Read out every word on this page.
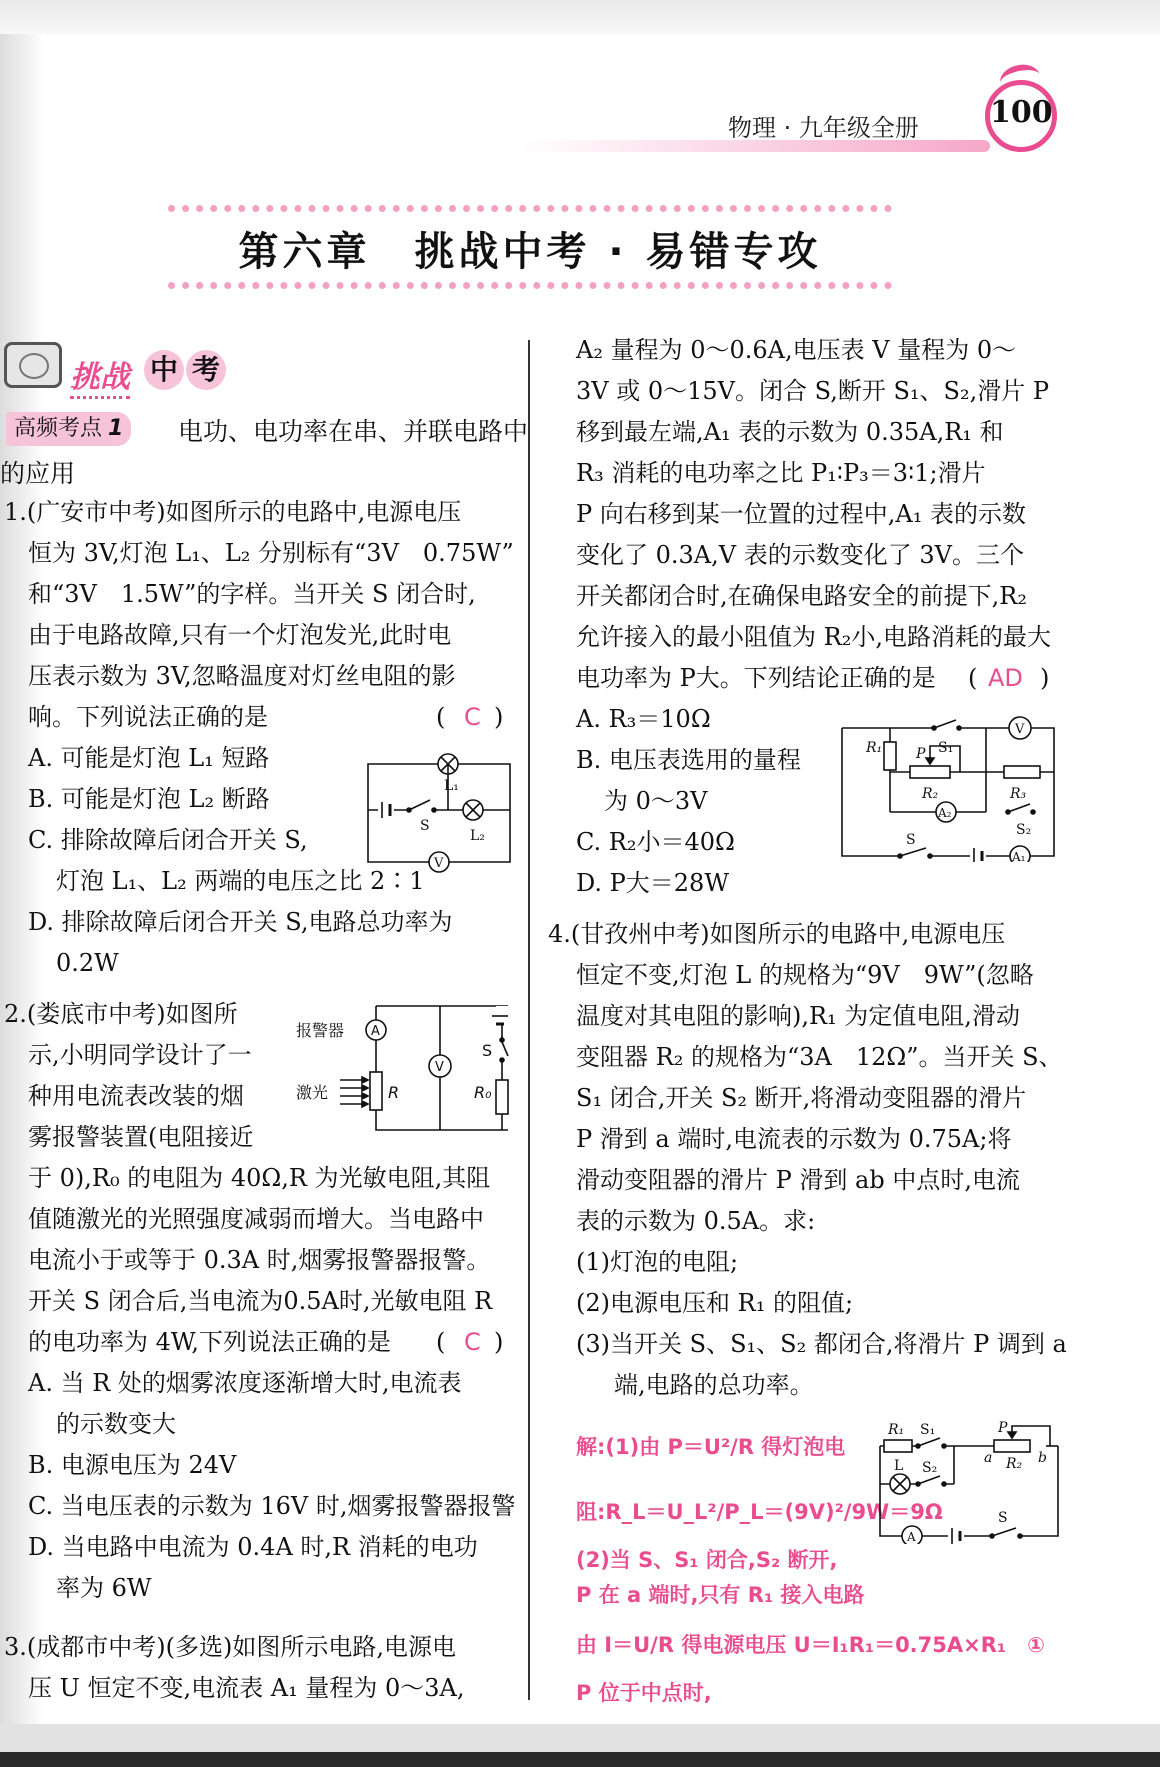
物理 · 九年级全册 100
第六章　挑战中考 · 易错专攻
挑战 中 考
高频考点 1	电功、电功率在串、并联电路中
的应用
1.(广安市中考)如图所示的电路中,电源电压
恒为 3V,灯泡 L₁、L₂ 分别标有“3V　0.75W”
和“3V　1.5W”的字样。当开关 S 闭合时,
由于电路故障,只有一个灯泡发光,此时电
压表示数为 3V,忽略温度对灯丝电阻的影
响。下列说法正确的是	( C )
A. 可能是灯泡 L₁ 短路
B. 可能是灯泡 L₂ 断路
C. 排除故障后闭合开关 S,
灯泡 L₁、L₂ 两端的电压之比 2∶1
D. 排除故障后闭合开关 S,电路总功率为
0.2W
2.(娄底市中考)如图所
示,小明同学设计了一
种用电流表改装的烟
雾报警装置(电阻接近
于 0),R₀ 的电阻为 40Ω,R 为光敏电阻,其阻
值随激光的光照强度减弱而增大。当电路中
电流小于或等于 0.3A 时,烟雾报警器报警。
开关 S 闭合后,当电流为0.5A时,光敏电阻 R
的电功率为 4W,下列说法正确的是 ( C )
A. 当 R 处的烟雾浓度逐渐增大时,电流表
的示数变大
B. 电源电压为 24V
C. 当电压表的示数为 16V 时,烟雾报警器报警
D. 当电路中电流为 0.4A 时,R 消耗的电功
率为 6W
3.(成都市中考)(多选)如图所示电路,电源电
压 U 恒定不变,电流表 A₁ 量程为 0～3A,
A₂ 量程为 0～0.6A,电压表 V 量程为 0～
3V 或 0～15V。闭合 S,断开 S₁、S₂,滑片 P
移到最左端,A₁ 表的示数为 0.35A,R₁ 和
R₃ 消耗的电功率之比 P₁∶P₃＝3∶1;滑片
P 向右移到某一位置的过程中,A₁ 表的示数
变化了 0.3A,V 表的示数变化了 3V。三个
开关都闭合时,在确保电路安全的前提下,R₂
允许接入的最小阻值为 R₂小,电路消耗的最大
电功率为 P大。下列结论正确的是 ( AD )
A. R₃＝10Ω
B. 电压表选用的量程
为 0～3V
C. R₂小＝40Ω
D. P大＝28W
4.(甘孜州中考)如图所示的电路中,电源电压
恒定不变,灯泡 L 的规格为“9V　9W”(忽略
温度对其电阻的影响),R₁ 为定值电阻,滑动
变阻器 R₂ 的规格为“3A　12Ω”。当开关 S、
S₁ 闭合,开关 S₂ 断开,将滑动变阻器的滑片
P 滑到 a 端时,电流表的示数为 0.75A;将
滑动变阻器的滑片 P 滑到 ab 中点时,电流
表的示数为 0.5A。求:
(1)灯泡的电阻;
(2)电源电压和 R₁ 的阻值;
(3)当开关 S、S₁、S₂ 都闭合,将滑片 P 调到 a
端,电路的总功率。
解:(1)由 P＝U²/R 得灯泡电
阻:R_L＝U_L²/P_L＝(9V)²/9W＝9Ω
(2)当 S、S₁ 闭合,S₂ 断开,
P 在 a 端时,只有 R₁ 接入电路
由 I＝U/R 得电源电压 U＝I₁R₁＝0.75A×R₁　①
P 位于中点时,
L₁
L₂
S
V
报警器 A
V
激光	R	R₀
S
R₁ P
R₂	R₃
S₁
S₂
S
V
A₂
A₁
R₁ S₁	P
a R₂ b
L S₂
A
S
